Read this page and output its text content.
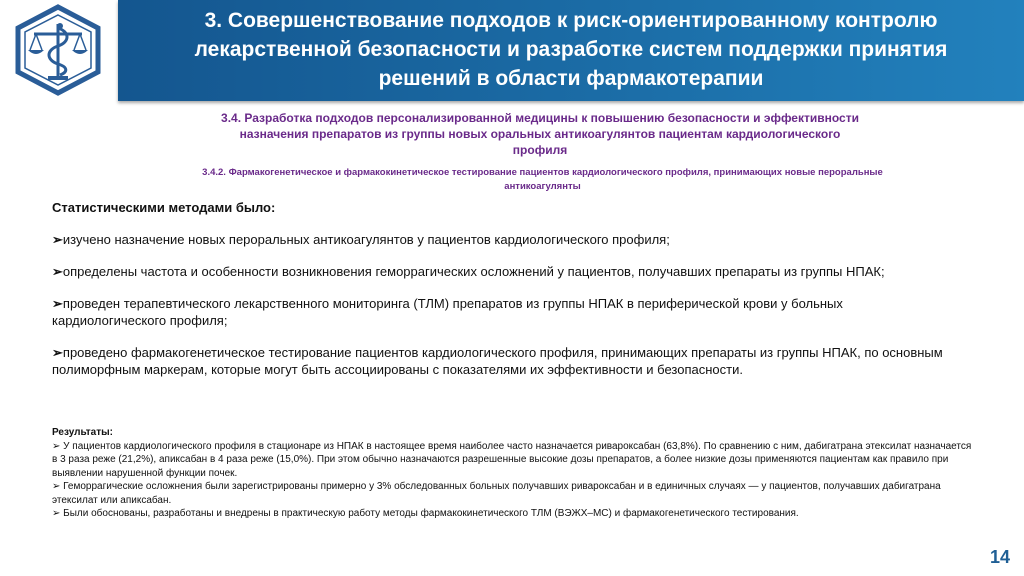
3. Совершенствование подходов к риск-ориентированному контролю
лекарственной безопасности и разработке систем поддержки принятия
решений в области фармакотерапии
3.4. Разработка подходов персонализированной медицины к повышению безопасности и эффективности
назначения препаратов из группы новых оральных антикоагулянтов пациентам кардиологического
профиля
3.4.2. Фармакогенетическое и фармакокинетическое тестирование пациентов кардиологического профиля, принимающих новые пероральные
антикоагулянты
Статистическими методами было:
➢изучено назначение новых пероральных антикоагулянтов у пациентов кардиологического профиля;
➢определены частота и особенности возникновения геморрагических осложнений у пациентов, получавших препараты из группы НПАК;
➢проведен терапевтического лекарственного мониторинга (ТЛМ) препаратов из группы НПАК в периферической крови у больных кардиологического профиля;
➢проведено фармакогенетическое тестирование пациентов кардиологического профиля, принимающих препараты из группы НПАК, по основным полиморфным маркерам, которые могут быть ассоциированы с показателями их эффективности и безопасности.
Результаты:
➢ У пациентов кардиологического профиля в стационаре из НПАК в настоящее время наиболее часто назначается ривароксабан (63,8%). По сравнению с ним, дабигатрана этексилат назначается в 3 раза реже (21,2%), апиксабан в 4 раза реже (15,0%). При этом обычно назначаются разрешенные высокие дозы препаратов, а более низкие дозы применяются пациентам как правило при выявлении нарушенной функции почек.
➢ Геморрагические осложнения были зарегистрированы примерно у 3% обследованных больных получавших ривароксабан и в единичных случаях — у пациентов, получавших дабигатрана этексилат или апиксабан.
➢ Были обоснованы, разработаны и внедрены в практическую работу методы фармакокинетического ТЛМ (ВЭЖХ–МС) и фармакогенетического тестирования.
14
